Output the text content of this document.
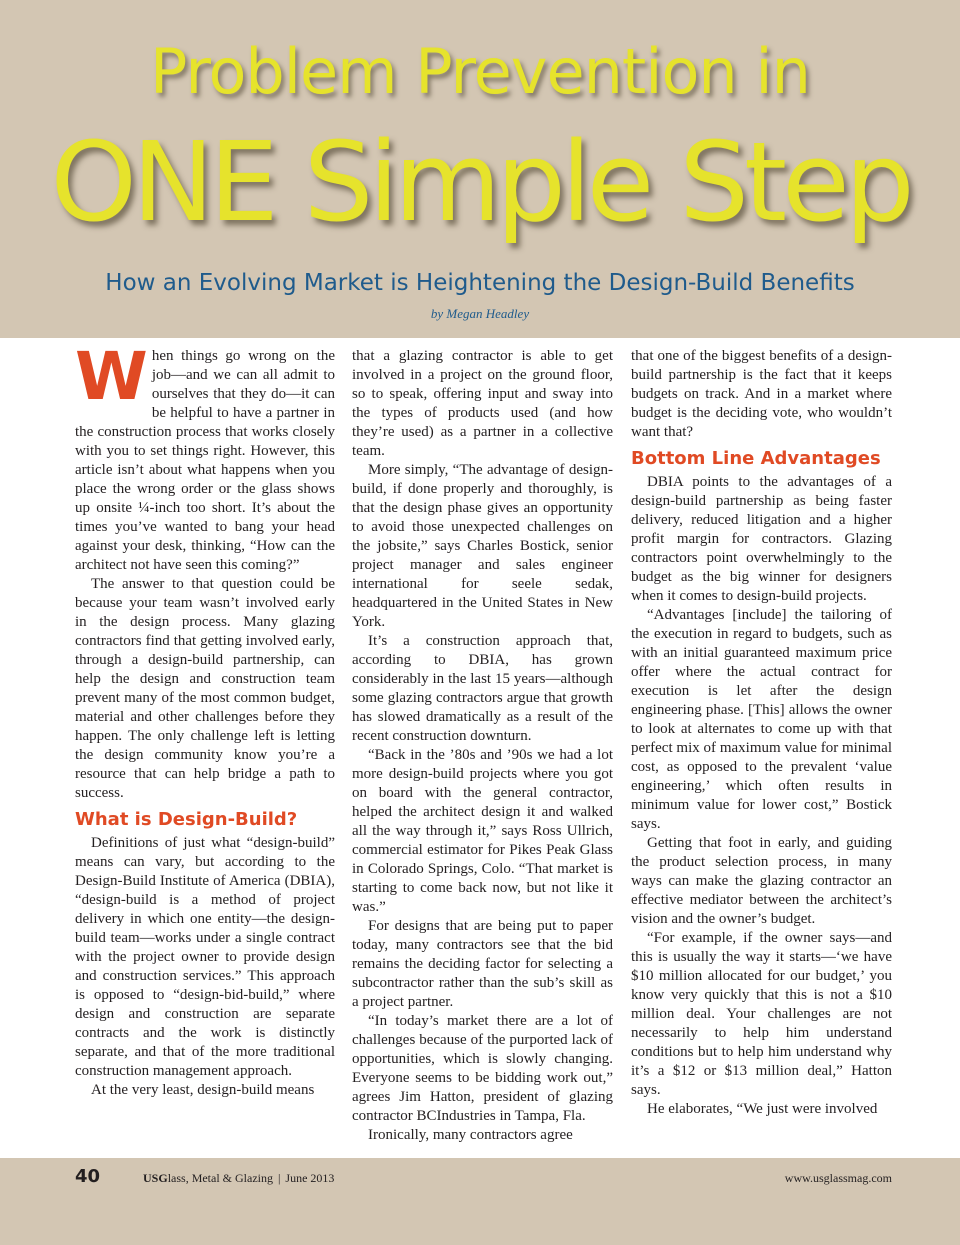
Problem Prevention in
ONE Simple Step
How an Evolving Market is Heightening the Design-Build Benefits
by Megan Headley

When things go wrong on the job—and we can all admit to ourselves that they do—it can be helpful to have a partner in the construction process that works closely with you to set things right. However, this article isn’t about what happens when you place the wrong order or the glass shows up onsite ¼-inch too short. It’s about the times you’ve wanted to bang your head against your desk, thinking, “How can the architect not have seen this coming?”

The answer to that question could be because your team wasn’t involved early in the design process. Many glazing contractors find that getting involved early, through a design-build partnership, can help the design and construction team prevent many of the most common budget, material and other challenges before they happen. The only challenge left is letting the design community know you’re a resource that can help bridge a path to success.

What is Design-Build?

Definitions of just what “design-build” means can vary, but according to the Design-Build Institute of America (DBIA), “design-build is a method of project delivery in which one entity—the design-build team—works under a single contract with the project owner to provide design and construction services.” This approach is opposed to “design-bid-build,” where design and construction are separate contracts and the work is distinctly separate, and that of the more traditional construction management approach.

At the very least, design-build means

that a glazing contractor is able to get involved in a project on the ground floor, so to speak, offering input and sway into the types of products used (and how they’re used) as a partner in a collective team.

More simply, “The advantage of design-build, if done properly and thoroughly, is that the design phase gives an opportunity to avoid those unexpected challenges on the jobsite,” says Charles Bostick, senior project manager and sales engineer international for seele sedak, headquartered in the United States in New York.

It’s a construction approach that, according to DBIA, has grown considerably in the last 15 years—although some glazing contractors argue that growth has slowed dramatically as a result of the recent construction downturn.

“Back in the ’80s and ’90s we had a lot more design-build projects where you got on board with the general contractor, helped the architect design it and walked all the way through it,” says Ross Ullrich, commercial estimator for Pikes Peak Glass in Colorado Springs, Colo. “That market is starting to come back now, but not like it was.”

For designs that are being put to paper today, many contractors see that the bid remains the deciding factor for selecting a subcontractor rather than the sub’s skill as a project partner.

“In today’s market there are a lot of challenges because of the purported lack of opportunities, which is slowly changing. Everyone seems to be bidding work out,” agrees Jim Hatton, president of glazing contractor BCIndustries in Tampa, Fla.

Ironically, many contractors agree

that one of the biggest benefits of a design-build partnership is the fact that it keeps budgets on track. And in a market where budget is the deciding vote, who wouldn’t want that?

Bottom Line Advantages

DBIA points to the advantages of a design-build partnership as being faster delivery, reduced litigation and a higher profit margin for contractors. Glazing contractors point overwhelmingly to the budget as the big winner for designers when it comes to design-build projects.

“Advantages [include] the tailoring of the execution in regard to budgets, such as with an initial guaranteed maximum price offer where the actual contract for execution is let after the design engineering phase. [This] allows the owner to look at alternates to come up with that perfect mix of maximum value for minimal cost, as opposed to the prevalent ‘value engineering,’ which often results in minimum value for lower cost,” Bostick says.

Getting that foot in early, and guiding the product selection process, in many ways can make the glazing contractor an effective mediator between the architect’s vision and the owner’s budget.

“For example, if the owner says—and this is usually the way it starts—‘we have $10 million allocated for our budget,’ you know very quickly that this is not a $10 million deal. Your challenges are not necessarily to help him understand conditions but to help him understand why it’s a $12 or $13 million deal,” Hatton says.

He elaborates, “We just were involved

40	USGlass, Metal & Glazing | June 2013	www.usglassmag.com
